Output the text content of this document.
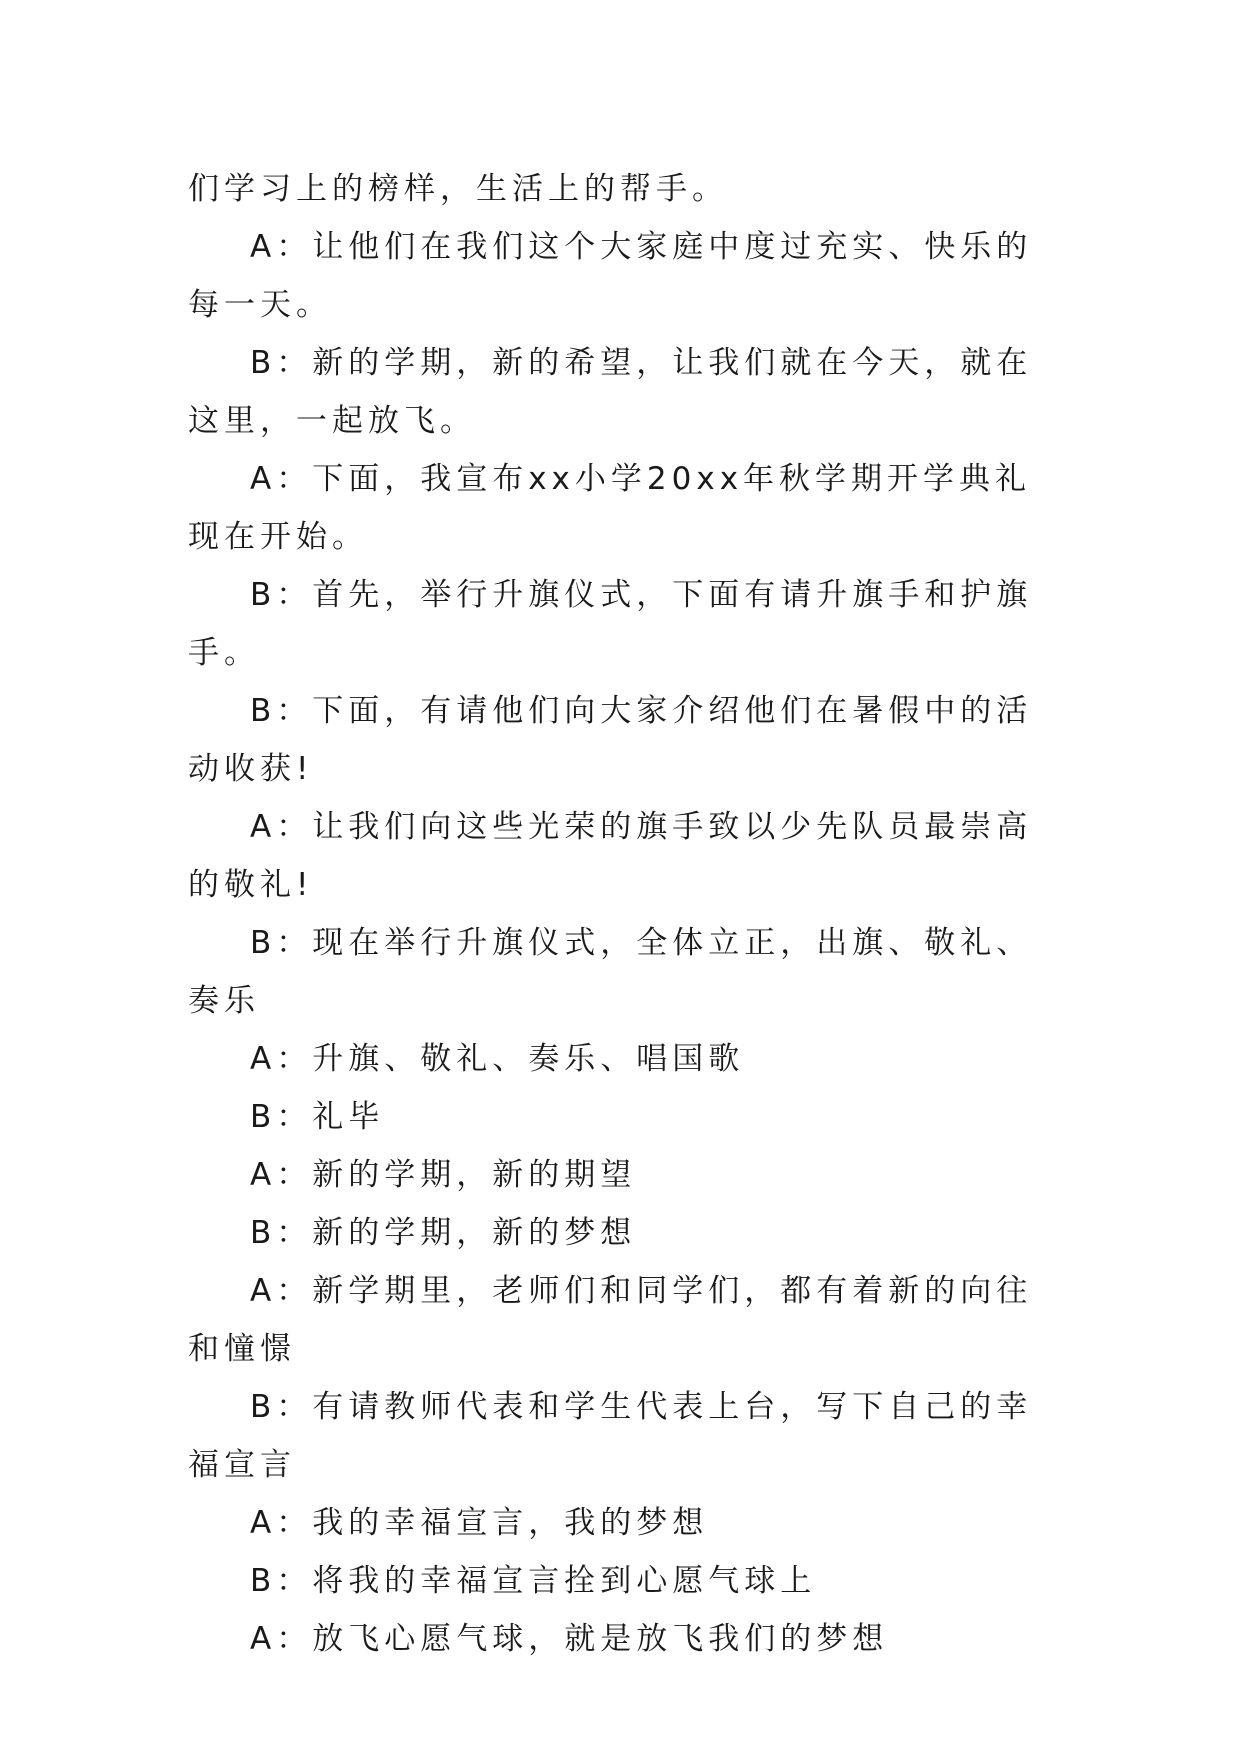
们学习上的榜样，生活上的帮手。

A：让他们在我们这个大家庭中度过充实、快乐的每一天。

B：新的学期，新的希望，让我们就在今天，就在这里，一起放飞。

A：下面，我宣布xx小学20xx年秋学期开学典礼现在开始。

B：首先，举行升旗仪式，下面有请升旗手和护旗手。

B：下面，有请他们向大家介绍他们在暑假中的活动收获!

A：让我们向这些光荣的旗手致以少先队员最崇高的敬礼!

B：现在举行升旗仪式，全体立正，出旗、敬礼、奏乐

A：升旗、敬礼、奏乐、唱国歌

B：礼毕

A：新的学期，新的期望

B：新的学期，新的梦想

A：新学期里，老师们和同学们，都有着新的向往和憧憬

B：有请教师代表和学生代表上台，写下自己的幸福宣言

A：我的幸福宣言，我的梦想

B：将我的幸福宣言拴到心愿气球上

A：放飞心愿气球，就是放飞我们的梦想
